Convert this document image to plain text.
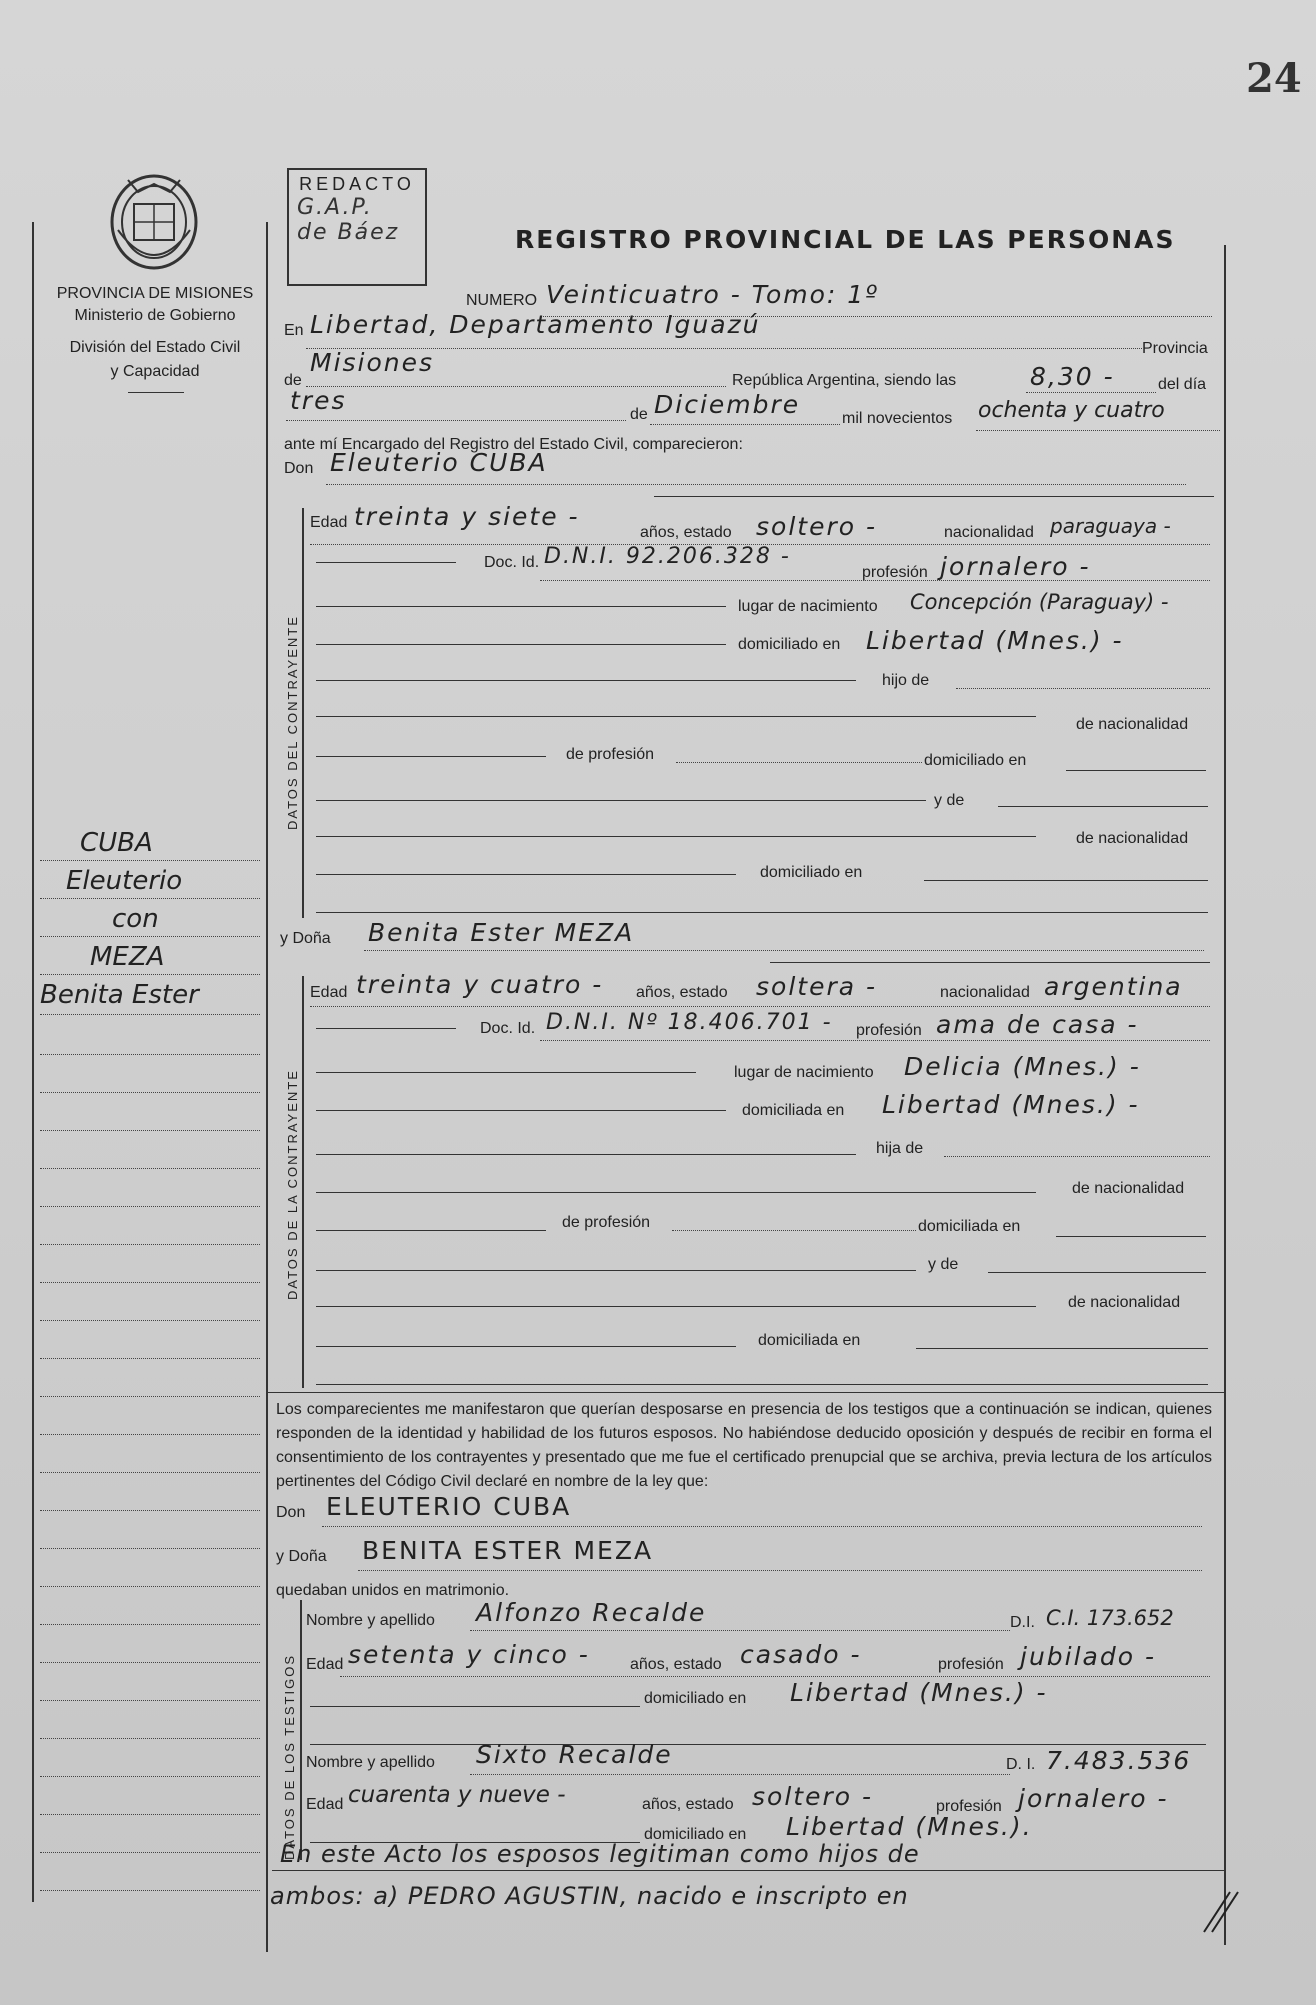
24
PROVINCIA DE MISIONES
Ministerio de Gobierno
División del Estado Civil
y Capacidad
REDACTO
G.A.P.
de Báez	REGISTRO PROVINCIAL DE LAS PERSONAS
NUMERO Veinticuatro - Tomo: 1º
En Libertad, Departamento Iguazú
Provincia
de
Misiones
República Argentina, siendo las	8,30 -	del día
tres	de Diciembre	mil novecientos ochenta y cuatro
ante mí Encargado del Registro del Estado Civil, comparecieron:
Don Eleuterio CUBA
DATOS DEL CONTRAYENTE
Edad treinta y siete -
años, estado soltero -	nacionalidad paraguaya -
Doc. Id. D.N.I. 92.206.328 -
profesión jornalero -
lugar de nacimiento Concepción (Paraguay) -
domiciliado en Libertad (Mnes.) -
hijo de
de nacionalidad
de profesión	domiciliado en
y de
de nacionalidad
domiciliado en
y Doña Benita Ester MEZA
DATOS DE LA CONTRAYENTE
Edad treinta y cuatro - años, estado soltera -	nacionalidad argentina
Doc. Id. D.N.I. Nº 18.406.701 - profesión ama de casa -
lugar de nacimiento Delicia (Mnes.) -
domiciliada en Libertad (Mnes.) -
hija de
de nacionalidad
de profesión	domiciliada en
y de
de nacionalidad
domiciliada en
CUBA
Eleuterio
con
MEZA
Benita Ester
Los comparecientes me manifestaron que querían desposarse en presencia de los testigos que a continuación se indican, quienes responden de la identidad y habilidad de los futuros esposos. No habiéndose deducido oposición y después de recibir en forma el consentimiento de los contrayentes y presentado que me fue el certificado prenupcial que se archiva, previa lectura de los artículos pertinentes del Código Civil declaré en nombre de la ley que:
Don ELEUTERIO CUBA
y Doña BENITA ESTER MEZA
quedaban unidos en matrimonio.
DATOS DE LOS TESTIGOS
Nombre y apellido Alfonzo Recalde	D.I. C.I. 173.652
Edad setenta y cinco -	años, estado casado -	profesión jubilado -
domiciliado en Libertad (Mnes.) -
Nombre y apellido Sixto Recalde	D. I. 7.483.536
Edad cuarenta y nueve -	años, estado soltero -	profesión jornalero -
domiciliado en Libertad (Mnes.).
En este Acto los esposos legitiman como hijos de
ambos: a) PEDRO AGUSTIN, nacido e inscripto en
